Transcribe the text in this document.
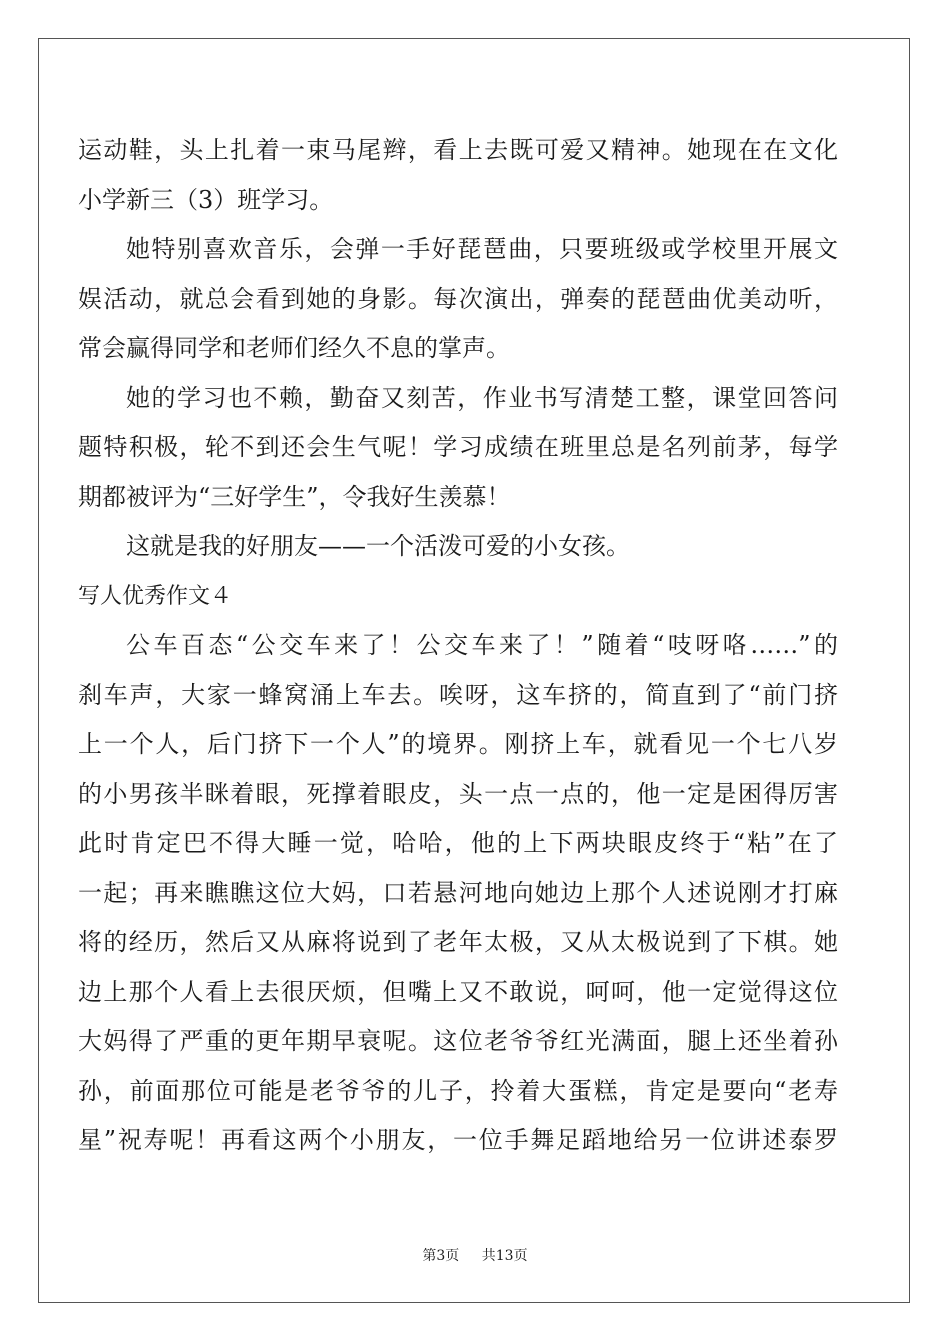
运动鞋，头上扎着一束马尾辫，看上去既可爱又精神。她现在在文化
小学新三（3）班学习。
她特别喜欢音乐，会弹一手好琵琶曲，只要班级或学校里开展文
娱活动，就总会看到她的身影。每次演出，弹奏的琵琶曲优美动听，
常会赢得同学和老师们经久不息的掌声。
她的学习也不赖，勤奋又刻苦，作业书写清楚工整，课堂回答问
题特积极，轮不到还会生气呢！学习成绩在班里总是名列前茅，每学
期都被评为“三好学生”，令我好生羡慕！
这就是我的好朋友——一个活泼可爱的小女孩。
写人优秀作文４
公车百态“公交车来了！公交车来了！”随着“吱呀咯……”的
刹车声，大家一蜂窝涌上车去。唉呀，这车挤的，简直到了“前门挤
上一个人，后门挤下一个人”的境界。刚挤上车，就看见一个七八岁
的小男孩半眯着眼，死撑着眼皮，头一点一点的，他一定是困得厉害
此时肯定巴不得大睡一觉，哈哈，他的上下两块眼皮终于“粘”在了
一起；再来瞧瞧这位大妈，口若悬河地向她边上那个人述说刚才打麻
将的经历，然后又从麻将说到了老年太极，又从太极说到了下棋。她
边上那个人看上去很厌烦，但嘴上又不敢说，呵呵，他一定觉得这位
大妈得了严重的更年期早衰呢。这位老爷爷红光满面，腿上还坐着孙
孙，前面那位可能是老爷爷的儿子，拎着大蛋糕，肯定是要向“老寿
星”祝寿呢！再看这两个小朋友，一位手舞足蹈地给另一位讲述泰罗
第3页 共13页
